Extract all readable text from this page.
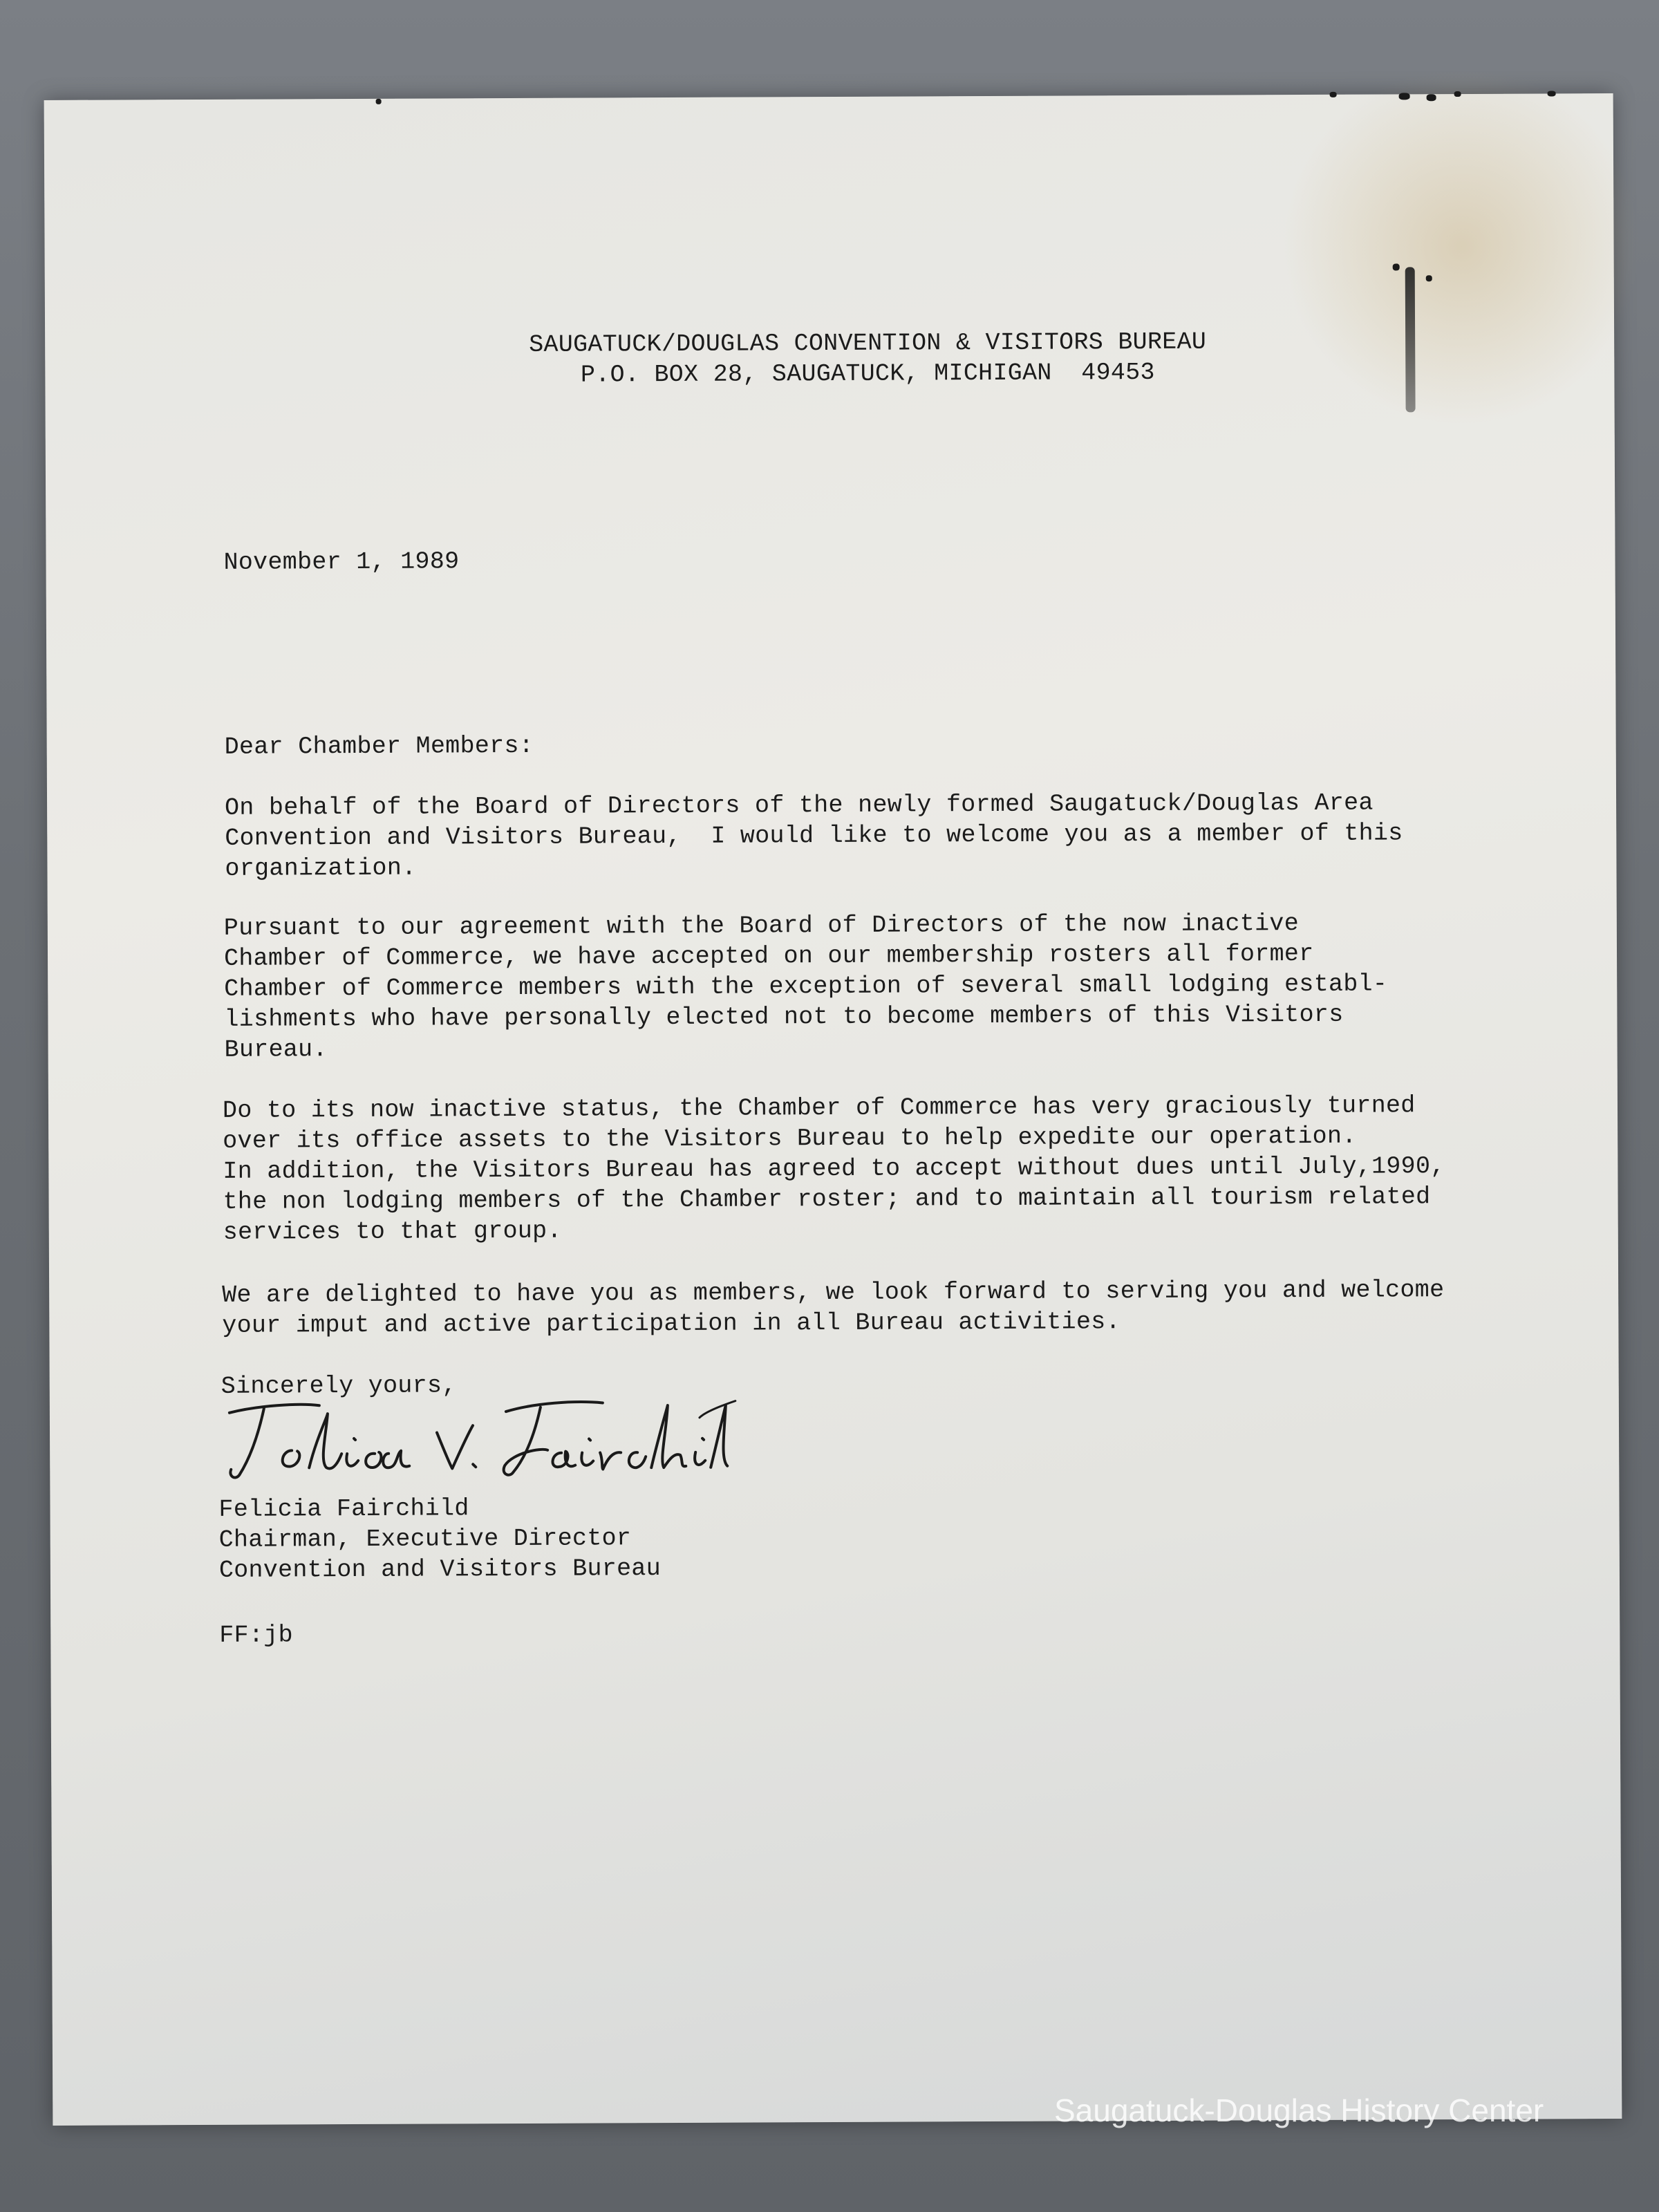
SAUGATUCK/DOUGLAS CONVENTION & VISITORS BUREAU
P.O. BOX 28, SAUGATUCK, MICHIGAN  49453
November 1, 1989
Dear Chamber Members:
On behalf of the Board of Directors of the newly formed Saugatuck/Douglas Area
Convention and Visitors Bureau,  I would like to welcome you as a member of this
organization.
Pursuant to our agreement with the Board of Directors of the now inactive
Chamber of Commerce, we have accepted on our membership rosters all former
Chamber of Commerce members with the exception of several small lodging establ-
lishments who have personally elected not to become members of this Visitors
Bureau.
Do to its now inactive status, the Chamber of Commerce has very graciously turned
over its office assets to the Visitors Bureau to help expedite our operation.
In addition, the Visitors Bureau has agreed to accept without dues until July,1990,
the non lodging members of the Chamber roster; and to maintain all tourism related
services to that group.
We are delighted to have you as members, we look forward to serving you and welcome
your imput and active participation in all Bureau activities.
Sincerely yours,
Felicia Fairchild
Chairman, Executive Director
Convention and Visitors Bureau
FF:jb
Saugatuck-Douglas History Center
